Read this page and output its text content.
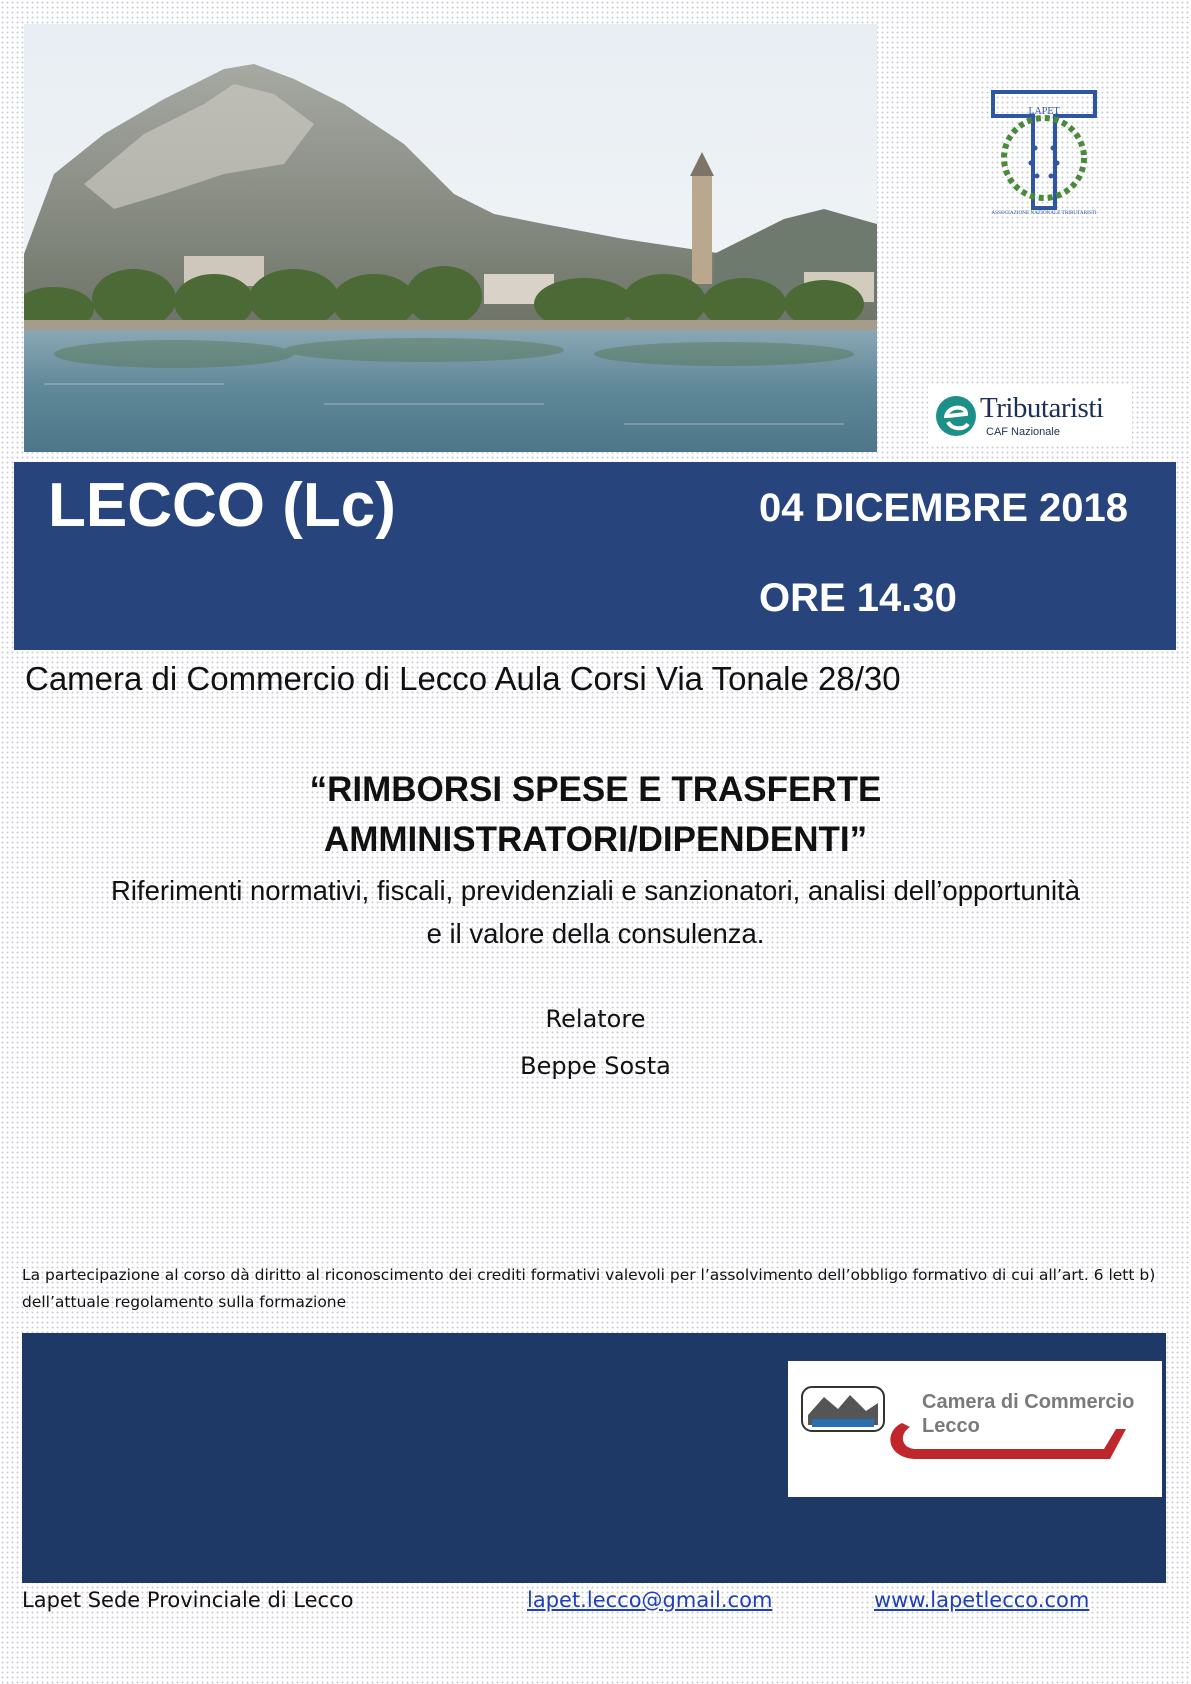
LAPET
ASSOCIAZIONE NAZIONALE TRIBUTARISTI
Tributaristi
CAF Nazionale
LECCO (Lc)	04 DICEMBRE 2018
ORE 14.30
Camera di Commercio di Lecco Aula Corsi Via Tonale 28/30
“RIMBORSI SPESE E TRASFERTE
AMMINISTRATORI/DIPENDENTI”
Riferimenti normativi, fiscali, previdenziali e sanzionatori, analisi dell’opportunità
e il valore della consulenza.
Relatore
Beppe Sosta
La partecipazione al corso dà diritto al riconoscimento dei crediti formativi valevoli per l’assolvimento dell’obbligo formativo di cui all’art. 6 lett b) dell’attuale regolamento sulla formazione
Camera di Commercio
Lecco
Lapet Sede Provinciale di Lecco	lapet.lecco@gmail.com	www.lapetlecco.com
